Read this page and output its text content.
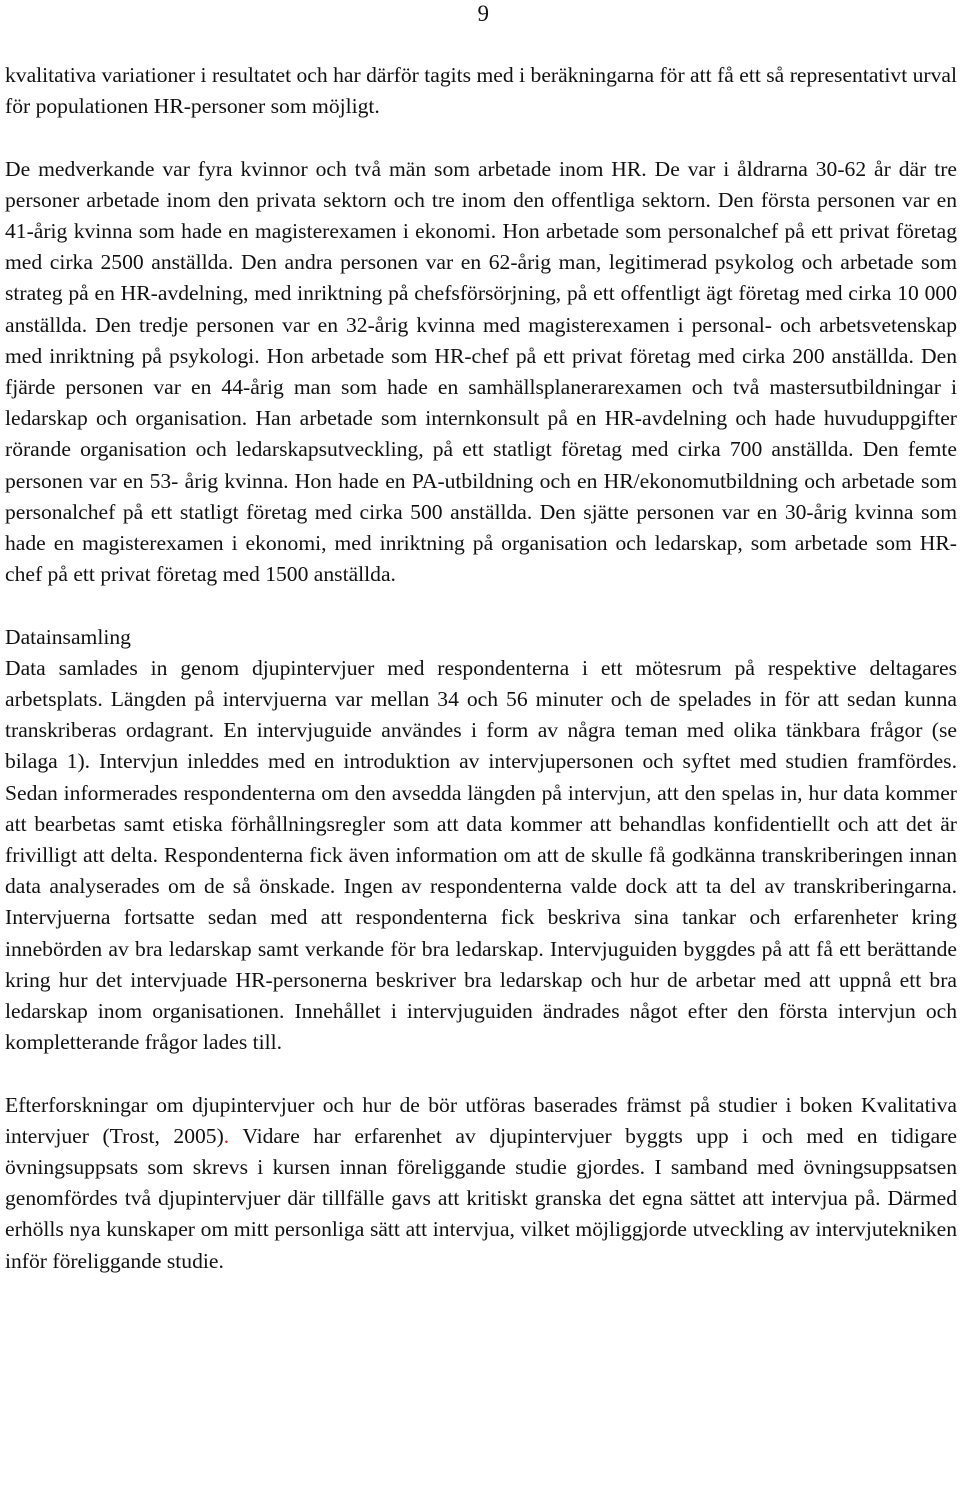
9

kvalitativa variationer i resultatet och har därför tagits med i beräkningarna för att få ett så representativt urval för populationen HR-personer som möjligt.

De medverkande var fyra kvinnor och två män som arbetade inom HR. De var i åldrarna 30-62 år där tre personer arbetade inom den privata sektorn och tre inom den offentliga sektorn. Den första personen var en 41-årig kvinna som hade en magisterexamen i ekonomi. Hon arbetade som personalchef på ett privat företag med cirka 2500 anställda. Den andra personen var en 62-årig man, legitimerad psykolog och arbetade som strateg på en HR-avdelning, med inriktning på chefsförsörjning, på ett offentligt ägt företag med cirka 10 000 anställda. Den tredje personen var en 32-årig kvinna med magisterexamen i personal- och arbetsvetenskap med inriktning på psykologi. Hon arbetade som HR-chef på ett privat företag med cirka 200 anställda. Den fjärde personen var en 44-årig man som hade en samhällsplanerarexamen och två mastersutbildningar i ledarskap och organisation. Han arbetade som internkonsult på en HR-avdelning och hade huvuduppgifter rörande organisation och ledarskapsutveckling, på ett statligt företag med cirka 700 anställda. Den femte personen var en 53- årig kvinna. Hon hade en PA-utbildning och en HR/ekonomutbildning och arbetade som personalchef på ett statligt företag med cirka 500 anställda. Den sjätte personen var en 30-årig kvinna som hade en magisterexamen i ekonomi, med inriktning på organisation och ledarskap, som arbetade som HR-chef på ett privat företag med 1500 anställda.

Datainsamling

Data samlades in genom djupintervjuer med respondenterna i ett mötesrum på respektive deltagares arbetsplats. Längden på intervjuerna var mellan 34 och 56 minuter och de spelades in för att sedan kunna transkriberas ordagrant. En intervjuguide användes i form av några teman med olika tänkbara frågor (se bilaga 1). Intervjun inleddes med en introduktion av intervjupersonen och syftet med studien framfördes. Sedan informerades respondenterna om den avsedda längden på intervjun, att den spelas in, hur data kommer att bearbetas samt etiska förhållningsregler som att data kommer att behandlas konfidentiellt och att det är frivilligt att delta. Respondenterna fick även information om att de skulle få godkänna transkriberingen innan data analyserades om de så önskade. Ingen av respondenterna valde dock att ta del av transkriberingarna. Intervjuerna fortsatte sedan med att respondenterna fick beskriva sina tankar och erfarenheter kring innebörden av bra ledarskap samt verkande för bra ledarskap. Intervjuguiden byggdes på att få ett berättande kring hur det intervjuade HR-personerna beskriver bra ledarskap och hur de arbetar med att uppnå ett bra ledarskap inom organisationen. Innehållet i intervjuguiden ändrades något efter den första intervjun och kompletterande frågor lades till.

Efterforskningar om djupintervjuer och hur de bör utföras baserades främst på studier i boken Kvalitativa intervjuer (Trost, 2005). Vidare har erfarenhet av djupintervjuer byggts upp i och med en tidigare övningsuppsats som skrevs i kursen innan föreliggande studie gjordes. I samband med övningsuppsatsen genomfördes två djupintervjuer där tillfälle gavs att kritiskt granska det egna sättet att intervjua på. Därmed erhölls nya kunskaper om mitt personliga sätt att intervjua, vilket möjliggjorde utveckling av intervjutekniken inför föreliggande studie.
